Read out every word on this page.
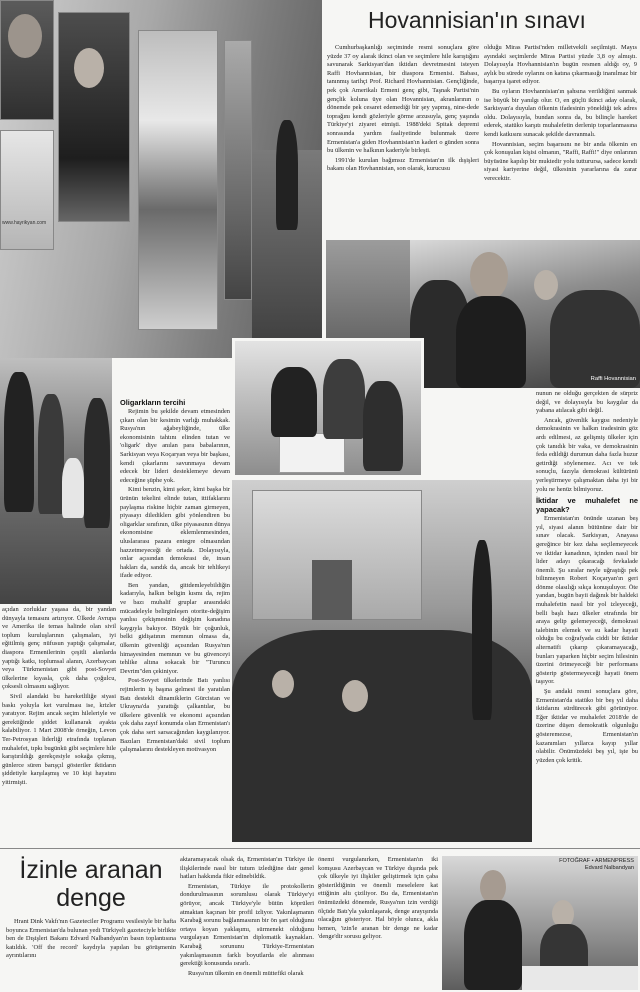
www.hayrikyan.com
Hovannisian'ın sınavı

Cumhurbaşkanlığı seçiminde resmi sonuçlara göre yüzde 37 oy alarak ikinci olan ve seçimlere hile karıştığını savunarak Sarkisyan'dan iktidarı devretmesini isteyen Raffi Hovhannisian, bir diaspora Ermenisi. Babası, tanınmış tarihçi Prof. Richard Hovhannisian. Gençliğinde, pek çok Amerikalı Ermeni genç gibi, Taşnak Partisi'nin gençlik koluna üye olan Hovannisian, akranlarının o dönemde pek cesaret edemediği bir şey yapmış, nine-dede toprağını kendi gözleriyle görme arzusuyla, genç yaşında Türkiye'yi ziyaret etmişti. 1988'deki Spitak depremi sonrasında yardım faaliyetinde bulunmak üzere Ermenistan'a giden Hovhannisian'ın kaderi o günden sonra bu ülkenin ve halkının kaderiyle birleşti.

1991'de kurulan bağımsız Ermenistan'ın ilk dışişleri bakanı olan Hovhannisian, son olarak, kurucusu

olduğu Miras Partisi'nden milletvekili seçilmişti. Mayıs ayındaki seçimlerde Miras Partisi yüzde 3,8 oy almıştı. Dolayısıyla Hovhannisian'ın bugün resmen aldığı oy, 9 aylık bu sürede oylarını on katına çıkarmasığı inanılmaz bir başarıya işaret ediyor.

Bu oyların Hovhannisian'ın şahsına verildiğini sanmak ise büyük bir yanılgı olur. O, en güçlü ikinci aday olarak, Sarkisyan'a duyulan öfkenin ifadesinin yöneldiği tek adres oldu. Dolayısıyla, bundan sonra da, bu bilinçle hareket ederek, statüko karşıtı muhalefetin derlenip toparlanmasına kendi katkısını sunacak şekilde davranmalı.

Hovannisian, seçim başarısını ne bir anda ölkenin en çok konuşulan kişisi olmanın, "Raffi, Raffi!" diye onlarının büyüsüne kapılıp bir muktedir yolu tutturursa, sadece kendi siyasi kariyerine değil, ülkesinin yararlarına da zarar verecektir.

Raffi Hovannisian
Oligarkların tercihi

Rejimin bu şekilde devam etmesinden çıkarı olan bir kesimin varlığı muhakkak. Rusya'nın ağabeyliğinde, ülke ekonomisinin tahtını elinden tutan ve 'oligark' diye anılan para babalarının, Sarkisyan veya Koçaryan veya bir başkası, kendi çıkarlarını savunmaya devam edecek bir lideri desteklemeye devam edeceğine şüphe yok.

Kimi benzin, kimi şeker, kimi başka bir ürünün tekelini elinde tutan, ittifaklarını paylaşma riskine hiçbir zaman girmeyen, piyasayı dilediklerı gibi yönlendiren bu oligarklar sınıfının, ülke piyasasının dünya ekonomisine eklemlenmesinden, uluslararası pazara entegre olmasından hazzetmeyeceği de ortada. Dolayısıyla, onlar açısından demokrasi de, insan hakları da, sandık da, ancak bir tehlikeyi ifade ediyor.

Ben yandan, gittdemleyebildiğin kadarıyla, halkın beligin kısmı da, rejim ve bazı muhalif gruplar arasındaki mücadeleyle belirginleşen otorite-değişim yanlısı çekişmesinin değişim kanadına kaygıyla bakıyor. Büyük bir çoğunluk, belki gidişatının memnun olmasa da, ülkenin güvenliği açısından Rusya'nın himayesinden memnun ve bu güvenceyi tehlike altına sokacak bir "Turuncu Devrim"den çekiniyor.

Post-Sovyet ülkelerinde Batı yanlısı rejimlerin iş başına gelmesi ile yaratılan Batı destekli dinamiklerin Gürcistan ve Ukrayna'da yarattığı çalkantılar, bu ülkelere güvenlik ve ekonomi açısından çok daha zayıf konumda olan Ermenistan'ı çok daha sert sarsacağından kaygılanıyor. Bazıları Ermenistan'daki sivil toplum çalışmalarını destekleyen motivasyon

açıdan zorluklar yaşasa da, bir yandan dünyayla temasını artırıyor. Ülkede Avrupa ve Amerika ile temas halinde olan sivil toplum kuruluşlarının çalışmaları, iyi eğitilmiş genç nüfusun yaptığı çalışmalar, diaspora Ermenilerinin çeşitli alanlarda yaptığı katkı, toplumsal alanın, Azerbaycan veya Türkmenistan gibi post-Sovyet ülkelerine kıyasla, çok daha çoğulcu, çoksesli olmasını sağlıyor.

Sivil alandaki bu hareketliliğe siyasi baskı yoluyla ket vurulması ise, krizler yaratıyor. Rejim ancak seçim hileleriyle ve gerektiğinde şiddet kullanarak ayakta kalabiliyor. 1 Mart 2008'de örneğin, Levon Ter-Petrosyan liderliği etrafında toplanan muhalefet, tıpkı bugünkü gibi seçimlere hile karıştırıldığı gerekçesiyle sokağa çıkmış, günlerce süren barışçıl gösteriler iktidarın şiddetiyle karşılaşmış ve 10 kişi hayatını yitirmişti.

nunun ne olduğu gerçekten de sürpriz değil, ve dolayısıyla bu kaygılar da yabana atılacak gibi değil.

Ancak, güvenlik kaygısı nedeniyle demokrasinin ve halkın iradesinin göz ardı edilmesi, az gelişmiş ülkeler için çok tanıdık bir vaka, ve demokrasinin feda edildiği durumun daha fazla huzur getirdiği söylenemez. Acı ve tek sonuçlu, fazıyla demokrasi kültürünü yerleştirmeye çalışmaktan daha iyi bir yolu ne henüz bilmiyoruz.

İktidar ve muhalefet ne yapacak?

Ermenistan'ın önünde uzanan beş yıl, siyasi alanın bütününe dair bir sınav olacak. Sarkisyan, Anayasa gereğince bir kez daha seçilemeyecek ve iktidar kanadının, içinden nasıl bir lider adayı çıkaracağı fevkalade önemli. Şu sıralar neyle uğraştığı pek bilinmeyen Robert Koçaryan'ın geri dönme olasılığı sıkça konuşuluyor. Öte yandan, bugün bayii dağınık bir haldeki muhalefetin nasıl bir yol izleyeceği, belli başlı hazı ülkeler etrafında bir araya gelip gelemeyeceği, demokrasi talebinin elemek ve su kadar hayati olduğu bu coğrafyada ciddi bir iktidar alternatifi çıkarıp çıkaramayacağı, bunları yaparken hiçbir seçim hilesinin üzerini örtmeyeceği bir performans gösterip göstermeyeceği hayati önem taşıyor.

Şu andaki resmi sonuçlara göre, Ermenistan'da statüko bir beş yıl daha iktidarını sürdürecek gibi görünüyor. Eğer iktidar ve muhalefet 2018'de de üzerine düşen demokratik olgunluğu gösteremezse, Ermenistan'ın kazanımları yıllarca kayıp yıllar olabilir. Önümüzdeki beş yıl, işte bu yüzden çok kritik.

İzinle aranan
denge

Hrant Dink Vakfı'nın Gazeteciler Programı vesilesiyle bir hafta boyunca Ermenistan'da bulunan yedi Türkiyeli gazeteciyle birlikte ben de Dışişleri Bakanı Edvard Nalbandyan'ın basın toplantısına katıldık. 'Off the record' kaydıyla yapılan bu görüşmenin ayrıntılarını

aktaramayacak olsak da, Ermenistan'ın Türkiye ile ilişkilerinde nasıl bir tutum izlediğine dair genel hatları hakkında fikir edinebildik.

Ermenistan, Türkiye ile protokollerin dondurulmasının sorumlusu olarak Türkiye'yi görüyor, ancak Türkiye'yle bütün köprüleri atmaktan kaçınan bir profil izliyor. Yakınlaşmanın Karabağ sorunu bağlanmasının bir ön şart olduğunu ortaya koyan yaklaşımı, sürmenekt olduğunu vurgulayan Ermenistan'ın diplomatik kaynakları. Karabağ sorununu Türkiye-Ermenistan yakınlaşmasının farklı boyutlarda ele alınması gerektiği konusunda ısrarlı.

Rusya'nın ülkenin en önemli müttefiki olarak

önemi vurgulanırken, Ermenistan'ın iki komşusu Azerbaycan ve Türkiye dışında pek çok ülkeyle iyi ilişkiler geliştirmek için çaba gösterildiğinin ve önemli meselelere kat ettiğinin altı çiziliyor. Bu da, Ermenistan'ın önümüzdeki dönemde, Rusya'nın izin verdiği ölçüde Batı'yla yakınlaşarak, denge arayışında olacağını gösteriyor. Hal böyle olunca, akla hemen, 'izin'le aranan bir denge ne kadar 'denge'dir sorusu geliyor.

FOTOĞRAF • ARMENPRESS
Edvard Nalbandyan
